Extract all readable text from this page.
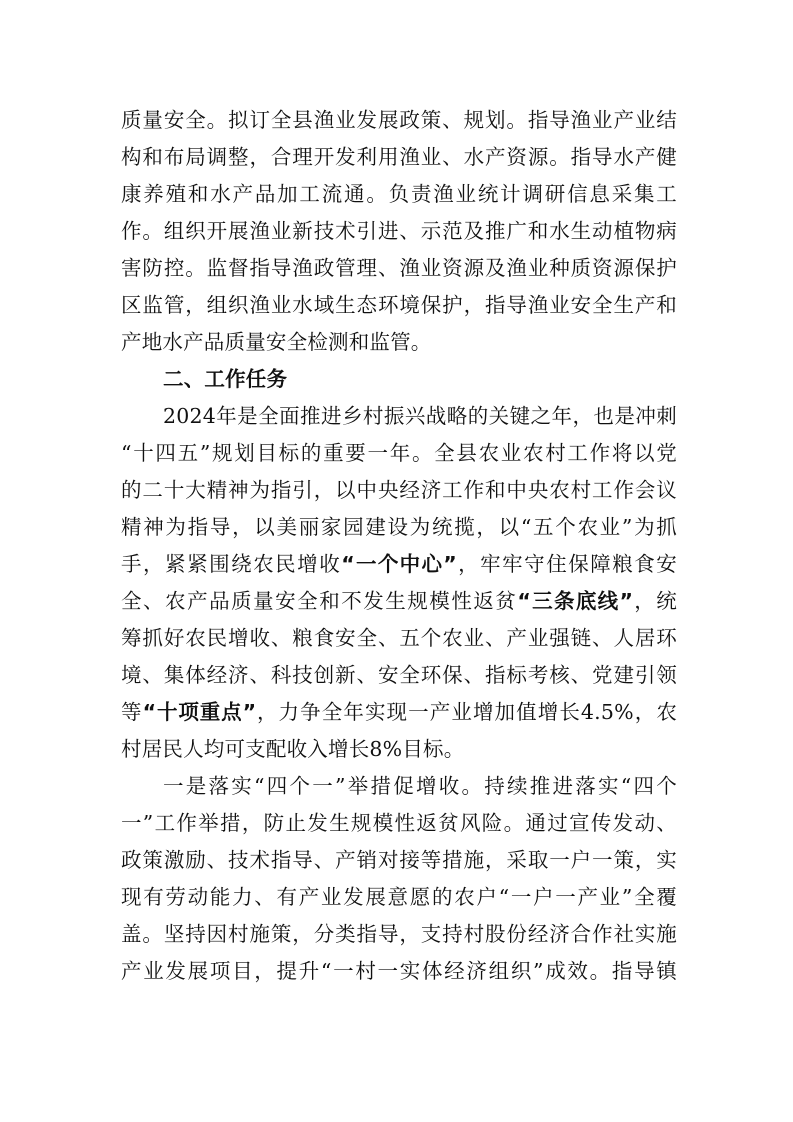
质量安全。拟订全县渔业发展政策、规划。指导渔业产业结
构和布局调整，合理开发利用渔业、水产资源。指导水产健
康养殖和水产品加工流通。负责渔业统计调研信息采集工
作。组织开展渔业新技术引进、示范及推广和水生动植物病
害防控。监督指导渔政管理、渔业资源及渔业种质资源保护
区监管，组织渔业水域生态环境保护，指导渔业安全生产和
产地水产品质量安全检测和监管。
二、工作任务
2024年是全面推进乡村振兴战略的关键之年，也是冲刺
“十四五”规划目标的重要一年。全县农业农村工作将以党
的二十大精神为指引，以中央经济工作和中央农村工作会议
精神为指导，以美丽家园建设为统揽，以“五个农业”为抓
手，紧紧围绕农民增收“一个中心”，牢牢守住保障粮食安
全、农产品质量安全和不发生规模性返贫“三条底线”，统
筹抓好农民增收、粮食安全、五个农业、产业强链、人居环
境、集体经济、科技创新、安全环保、指标考核、党建引领
等“十项重点”，力争全年实现一产业增加值增长4.5%，农
村居民人均可支配收入增长8%目标。
一是落实“四个一”举措促增收。持续推进落实“四个
一”工作举措，防止发生规模性返贫风险。通过宣传发动、
政策激励、技术指导、产销对接等措施，采取一户一策，实
现有劳动能力、有产业发展意愿的农户“一户一产业”全覆
盖。坚持因村施策，分类指导，支持村股份经济合作社实施
产业发展项目，提升“一村一实体经济组织”成效。指导镇
